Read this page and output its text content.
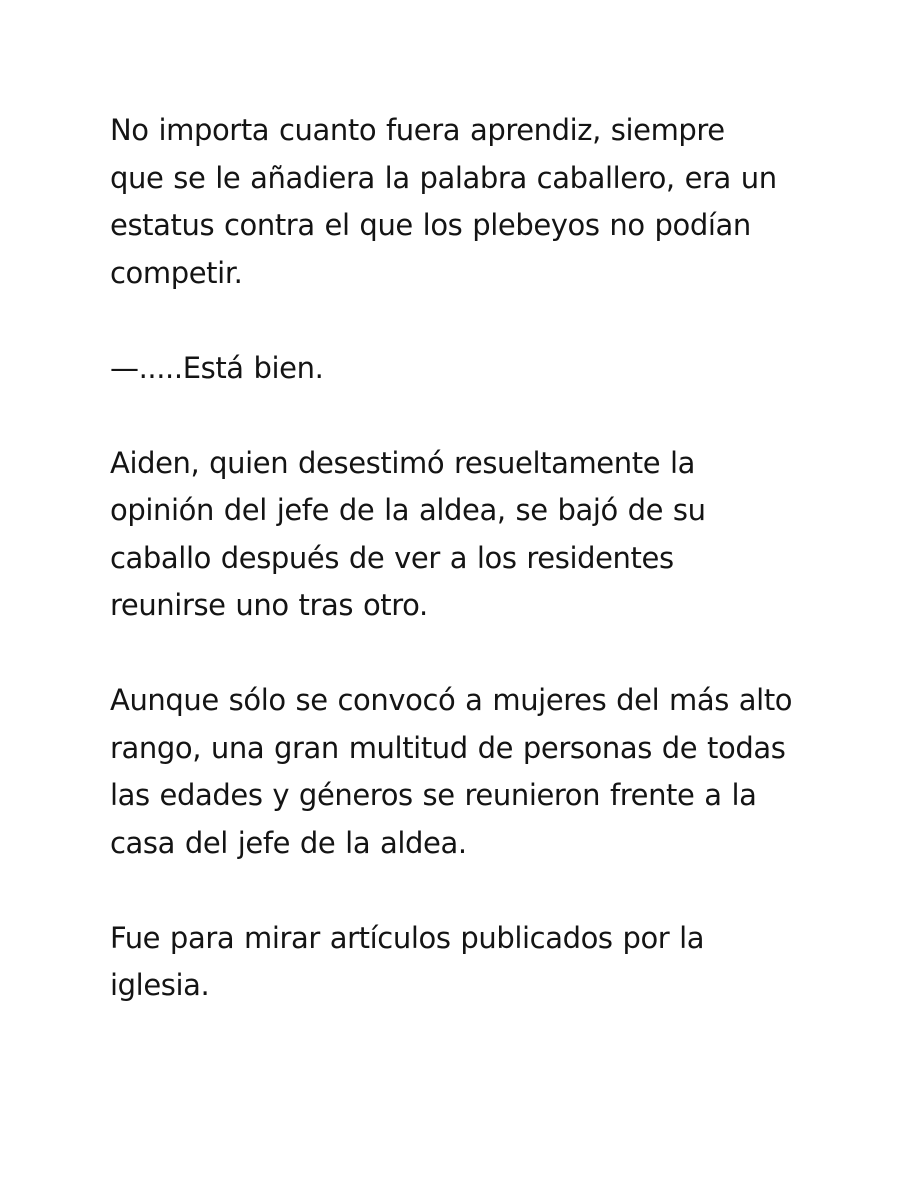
No importa cuanto fuera aprendiz, siempre
que se le añadiera la palabra caballero, era un
estatus contra el que los plebeyos no podían
competir.

—.....Está bien.

Aiden, quien desestimó resueltamente la
opinión del jefe de la aldea, se bajó de su
caballo después de ver a los residentes
reunirse uno tras otro.

Aunque sólo se convocó a mujeres del más alto
rango, una gran multitud de personas de todas
las edades y géneros se reunieron frente a la
casa del jefe de la aldea.

Fue para mirar artículos publicados por la
iglesia.
